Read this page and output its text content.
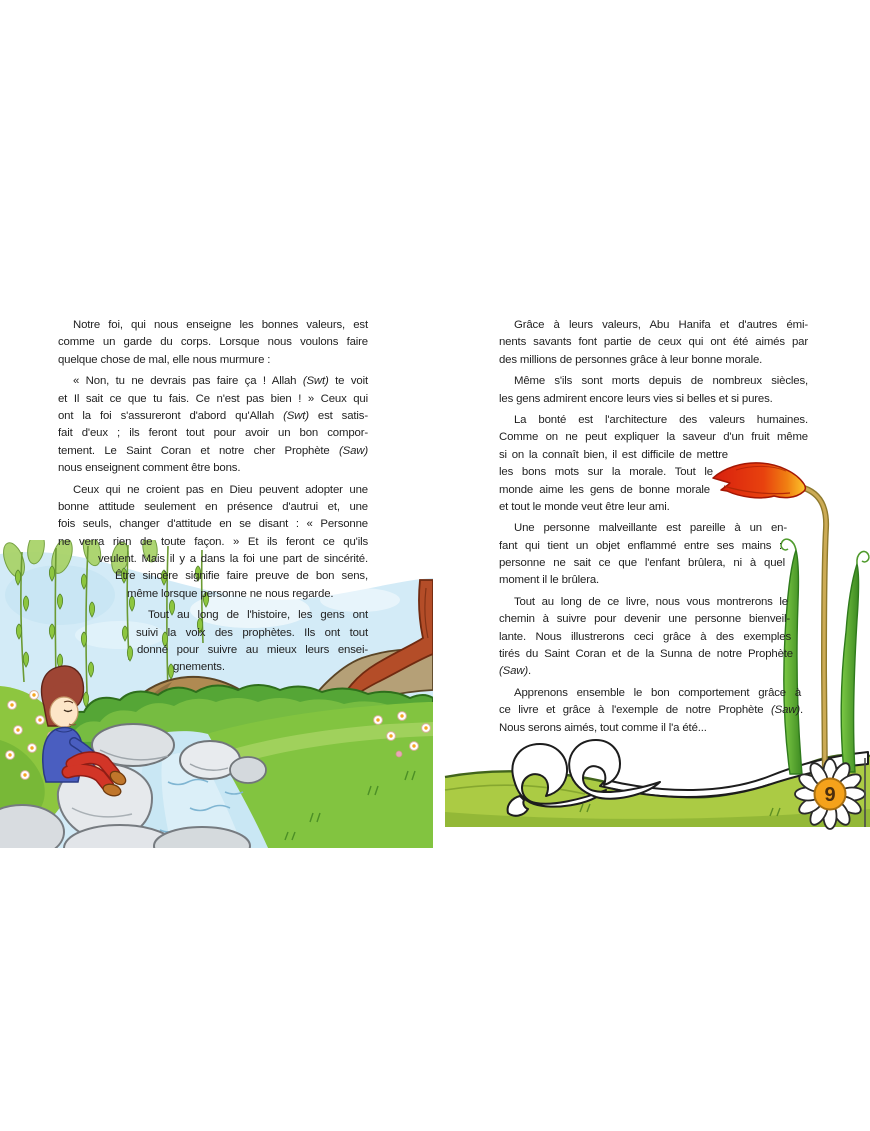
Notre foi, qui nous enseigne les bonnes valeurs, est
comme un garde du corps. Lorsque nous voulons faire
quelque chose de mal, elle nous murmure :
« Non, tu ne devrais pas faire ça ! Allah (Swt) te voit
et Il sait ce que tu fais. Ce n'est pas bien ! » Ceux qui
ont la foi s'assureront d'abord qu'Allah (Swt) est satis-
fait d'eux ; ils feront tout pour avoir un bon compor-
tement. Le Saint Coran et notre cher Prophète (Saw)
nous enseignent comment être bons.
Ceux qui ne croient pas en Dieu peuvent adopter une
bonne attitude seulement en présence d'autrui et, une
fois seuls, changer d'attitude en se disant : « Personne
ne verra rien de toute façon. » Et ils feront ce qu'ils
veulent. Mais il y a dans la foi une part de sincérité.
Être sincère signifie faire preuve de bon sens,
même lorsque personne ne nous regarde.
Tout au long de l'histoire, les gens ont
suivi la voix des prophètes. Ils ont tout
donné pour suivre au mieux leurs ensei-
gnements.
9
Grâce à leurs valeurs, Abu Hanifa et d'autres émi-
nents savants font partie de ceux qui ont été aimés par
des millions de personnes grâce à leur bonne morale.
Même s'ils sont morts depuis de nombreux siècles,
les gens admirent encore leurs vies si belles et si pures.
La bonté est l'architecture des valeurs humaines.
Comme on ne peut expliquer la saveur d'un fruit même
si on la connaît bien, il est difficile de mettre
les bons mots sur la morale. Tout le
monde aime les gens de bonne morale
et tout le monde veut être leur ami.
Une personne malveillante est pareille à un en-
fant qui tient un objet enflammé entre ses mains :
personne ne sait ce que l'enfant brûlera, ni à quel
moment il le brûlera.
Tout au long de ce livre, nous vous montrerons le
chemin à suivre pour devenir une personne bienveil-
lante. Nous illustrerons ceci grâce à des exemples
tirés du Saint Coran et de la Sunna de notre Prophète
(Saw).
Apprenons ensemble le bon comportement grâce à
ce livre et grâce à l'exemple de notre Prophète (Saw).
Nous serons aimés, tout comme il l'a été...
